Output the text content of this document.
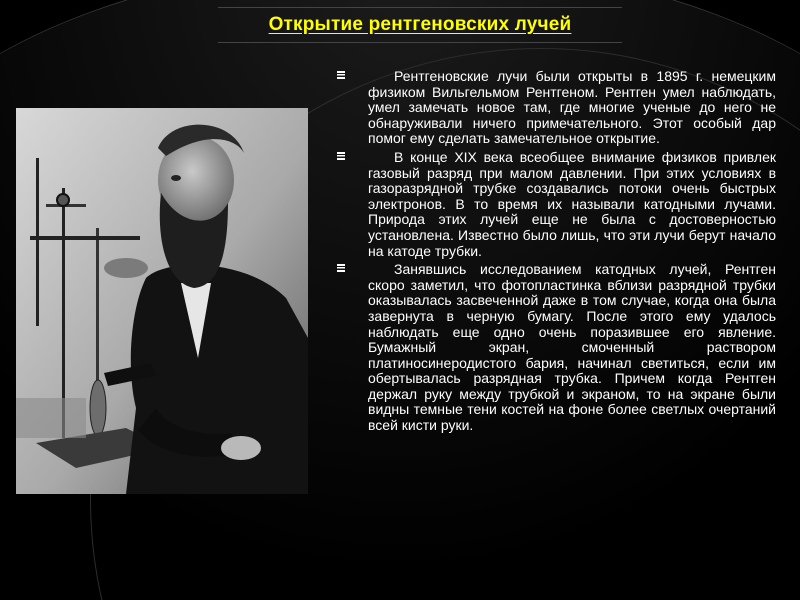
Открытие рентгеновских лучей
Рентгеновские лучи были открыты в 1895 г. немецким физиком Вильгельмом Рентгеном. Рентген умел наблюдать, умел замечать новое там, где многие ученые до него не обнаруживали ничего примечательного. Этот особый дар помог ему сделать замечательное открытие.
В конце XIX века всеобщее внимание физиков привлек газовый разряд при малом давлении. При этих условиях в газоразрядной трубке создавались потоки очень быстрых электронов. В то время их называли катодными лучами. Природа этих лучей еще не была с достоверностью установлена. Известно было лишь, что эти лучи берут начало на катоде трубки.
Занявшись исследованием катодных лучей, Рентген скоро заметил, что фотопластинка вблизи разрядной трубки оказывалась засвеченной даже в том случае, когда она была завернута в черную бумагу. После этого ему удалось наблюдать еще одно очень поразившее его явление. Бумажный экран, смоченный раствором платиносинеродистого бария, начинал светиться, если им обертывалась разрядная трубка. Причем когда Рентген держал руку между трубкой и экраном, то на экране были видны темные тени костей на фоне более светлых очертаний всей кисти руки.
